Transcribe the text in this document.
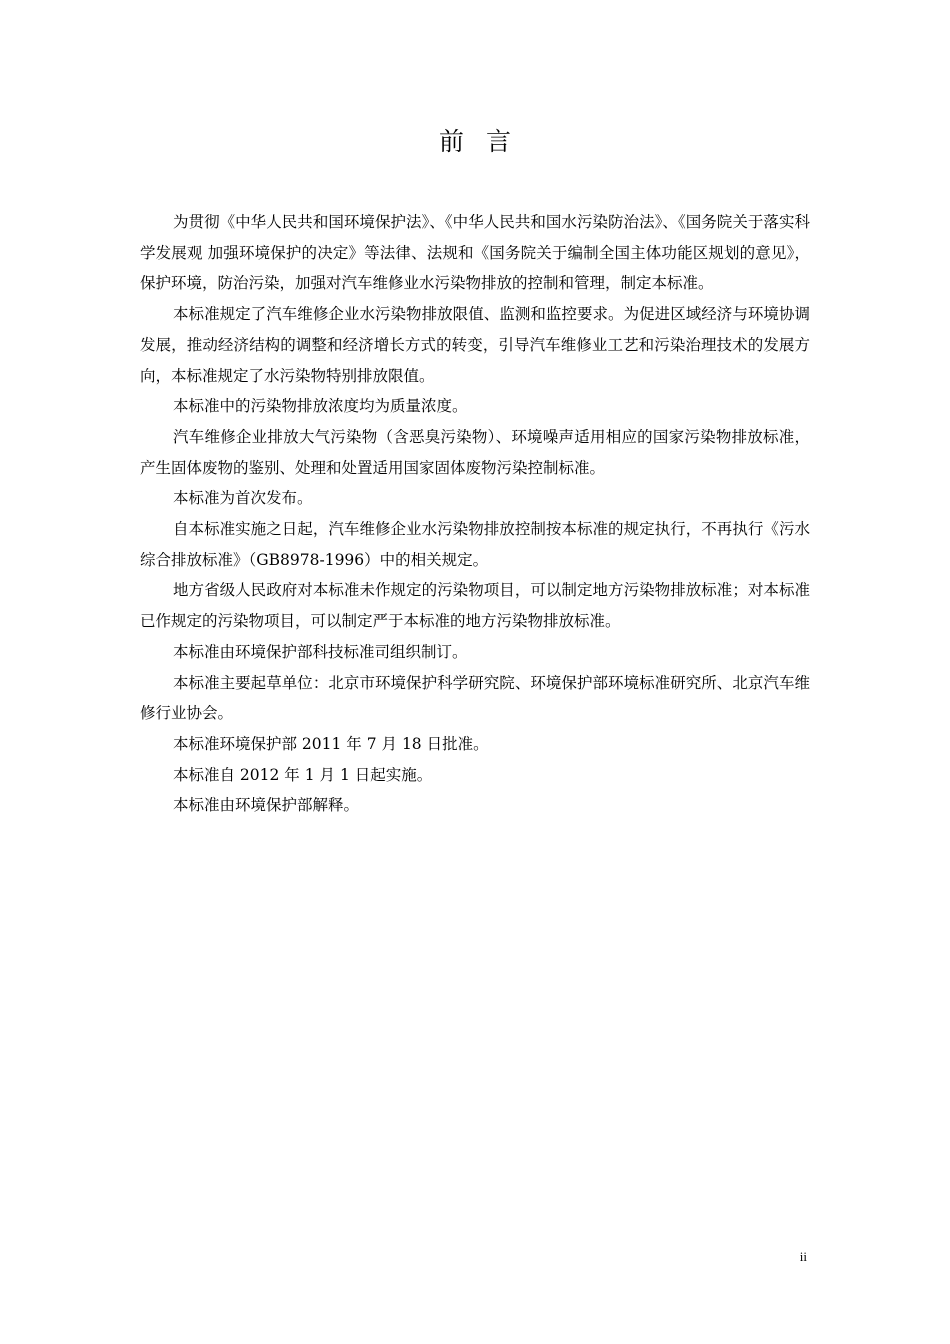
前言

为贯彻《中华人民共和国环境保护法》、《中华人民共和国水污染防治法》、《国务院关于落实科学发展观 加强环境保护的决定》等法律、法规和《国务院关于编制全国主体功能区规划的意见》，保护环境，防治污染，加强对汽车维修业水污染物排放的控制和管理，制定本标准。

本标准规定了汽车维修企业水污染物排放限值、监测和监控要求。为促进区域经济与环境协调发展，推动经济结构的调整和经济增长方式的转变，引导汽车维修业工艺和污染治理技术的发展方向，本标准规定了水污染物特别排放限值。

本标准中的污染物排放浓度均为质量浓度。

汽车维修企业排放大气污染物（含恶臭污染物）、环境噪声适用相应的国家污染物排放标准，产生固体废物的鉴别、处理和处置适用国家固体废物污染控制标准。

本标准为首次发布。

自本标准实施之日起，汽车维修企业水污染物排放控制按本标准的规定执行，不再执行《污水综合排放标准》（GB8978-1996）中的相关规定。

地方省级人民政府对本标准未作规定的污染物项目，可以制定地方污染物排放标准；对本标准已作规定的污染物项目，可以制定严于本标准的地方污染物排放标准。

本标准由环境保护部科技标准司组织制订。

本标准主要起草单位：北京市环境保护科学研究院、环境保护部环境标准研究所、北京汽车维修行业协会。

本标准环境保护部 2011 年 7 月 18 日批准。

本标准自 2012 年 1 月 1 日起实施。

本标准由环境保护部解释。

ii
